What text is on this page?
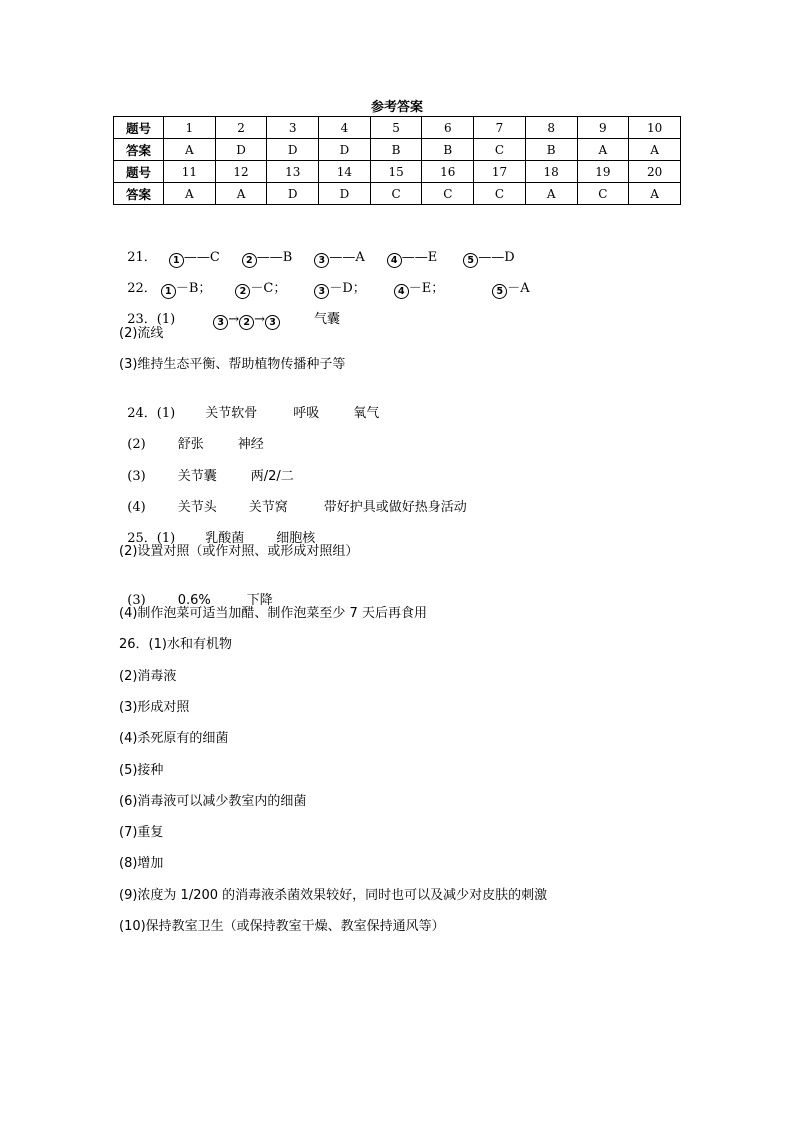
参考答案
题号	1	2	3	4	5	6	7	8	9	10
答案	A	D	D	D	B	B	C	B	A	A
题号	11	12	13	14	15	16	17	18	19	20
答案	A	A	D	D	C	C	C	A	C	A

21． 1 ——C	2 ——B	3 ——A	4 ——E	5 ——D

22． 1 －B；	2 －C；	3 －D；	4 －E；	5 －A

23．(1)	3 → 2 → 3	气囊

(2)流线
(3)维持生态平衡、帮助植物传播种子等

24．(1) 关节软骨	呼吸	氧气

(2) 舒张	神经

(3) 关节囊	两/2/二

(4) 关节头 关节窝	带好护具或做好热身活动

25．(1) 乳酸菌 细胞核

(2)设置对照（或作对照、或形成对照组）

(3) 0.6%	下降

(4)制作泡菜可适当加醋、制作泡菜至少 7 天后再食用
26．(1)水和有机物
(2)消毒液
(3)形成对照
(4)杀死原有的细菌
(5)接种
(6)消毒液可以减少教室内的细菌
(7)重复
(8)增加
(9)浓度为 1/200 的消毒液杀菌效果较好，同时也可以及减少对皮肤的刺激
(10)保持教室卫生（或保持教室干燥、教室保持通风等）
